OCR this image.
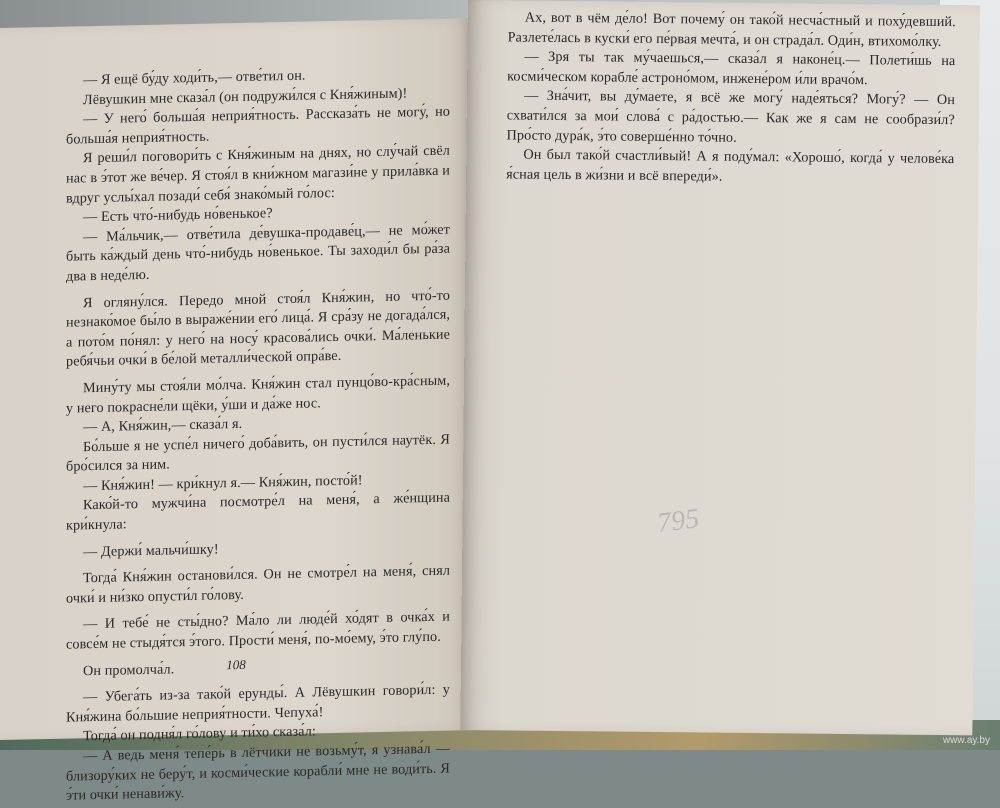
— Я ещё бу́ду ходи́ть,— отве́тил он.

Лёвушкин мне сказа́л (он подружи́лся с Кня́жиным)!

— У него́ больша́я неприя́тность. Рассказа́ть не могу́, но больша́я неприя́тность.

Я реши́л поговори́ть с Кня́жиным на днях, но слу́чай свёл нас в э́тот же ве́чер. Я стоя́л в кни́жном магази́не у прила́вка и вдруг услы́хал позади́ себя́ знако́мый го́лос:

— Есть что́-нибудь но́венькое?

— Ма́льчик,— отве́тила де́вушка-продаве́ц,— не мо́жет быть ка́ждый день что́-нибудь но́венькое. Ты заходи́л бы ра́за два в неде́лю.

Я огляну́лся. Передо мной стоя́л Кня́жин, но что́-то незнако́мое бы́ло в выраже́нии его́ лица́. Я сра́зу не догада́лся, а пото́м по́нял: у него́ на носу́ красова́лись очки́. Ма́ленькие ребя́чьи очки́ в бе́лой металли́ческой опра́ве.

Мину́ту мы стоя́ли мо́лча. Кня́жин стал пунцо́во-кра́сным, у него покрасне́ли щёки, у́ши и да́же нос.

— А, Кня́жин,— сказа́л я.

Бо́льше я не успе́л ничего́ доба́вить, он пусти́лся наутёк. Я бро́сился за ним.

— Кня́жин! — кри́кнул я.— Кня́жин, посто́й!

Како́й-то мужчи́на посмотре́л на меня́, а же́нщина кри́кнула:

— Держи́ мальчи́шку!

Тогда́ Кня́жин останови́лся. Он не смотре́л на меня́, снял очки́ и ни́зко опусти́л го́лову.

— И тебе́ не сты́дно? Ма́ло ли люде́й хо́дят в очка́х и совсе́м не стыдя́тся э́того. Прости́ меня́, по-мо́ему, э́то глу́по.

Он промолча́л.

— Убега́ть из-за тако́й ерунды́. А Лёвушкин говори́л: у Кня́жина бо́льшие неприя́тности. Чепуха́!

Тогда́ он подня́л го́лову и ти́хо сказа́л:

— А ведь меня́ тепе́рь в лётчики не возьму́т, я узнава́л — близору́ких не беру́т, и косми́ческие корабли́ мне не води́ть. Я э́ти очки́ ненави́жу.

108

Ах, вот в чём де́ло! Вот почему́ он тако́й несча́стный и поху́девший. Разлете́лась в куски́ его пе́рвая мечта́, и он страда́л. Оди́н, втихомо́лку.

— Зря ты так му́чаешься,— сказа́л я наконе́ц.— Полети́шь на косми́ческом корабле́ астроно́мом, инжене́ром и́ли врачо́м.

— Зна́чит, вы ду́маете, я всё же могу́ наде́яться? Могу́? — Он схвати́лся за мои́ слова́ с ра́достью.— Как же я сам не сообрази́л? Про́сто дура́к, э́то соверше́нно то́чно.

Он был тако́й счастли́вый! А я поду́мал: «Хорошо́, когда́ у челове́ка я́сная цель в жи́зни и всё впереди́».

795
www.ay.by
